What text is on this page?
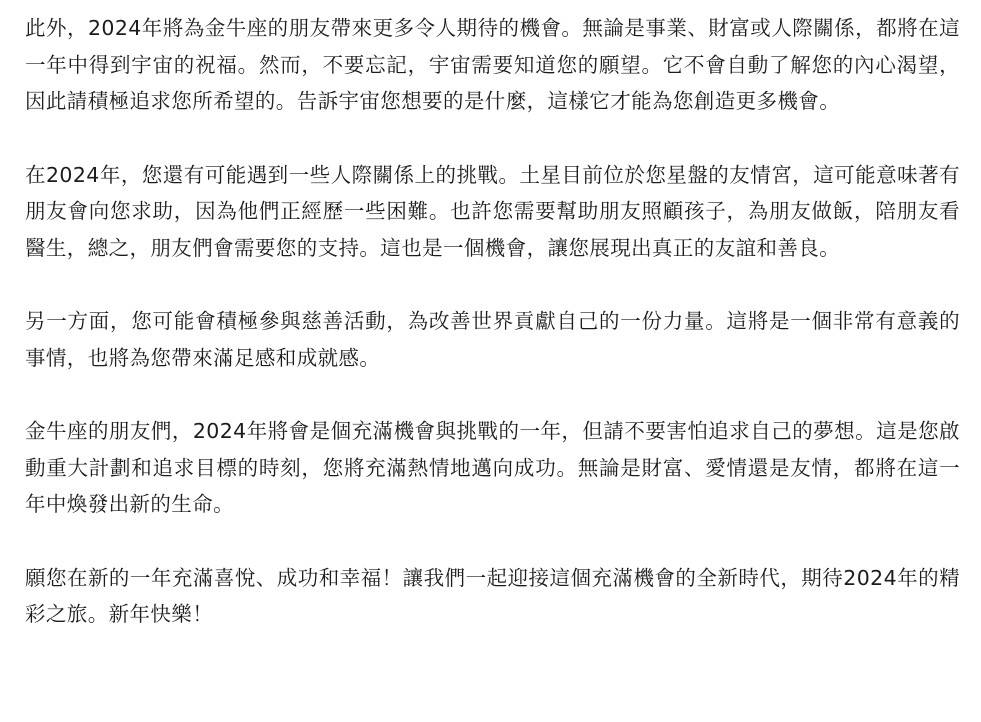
此外，2024年將為金牛座的朋友帶來更多令人期待的機會。無論是事業、財富或人際關係，都將在這一年中得到宇宙的祝福。然而，不要忘記，宇宙需要知道您的願望。它不會自動了解您的內心渴望，因此請積極追求您所希望的。告訴宇宙您想要的是什麼，這樣它才能為您創造更多機會。

在2024年，您還有可能遇到一些人際關係上的挑戰。土星目前位於您星盤的友情宮，這可能意味著有朋友會向您求助，因為他們正經歷一些困難。也許您需要幫助朋友照顧孩子，為朋友做飯，陪朋友看醫生，總之，朋友們會需要您的支持。這也是一個機會，讓您展現出真正的友誼和善良。

另一方面，您可能會積極參與慈善活動，為改善世界貢獻自己的一份力量。這將是一個非常有意義的事情，也將為您帶來滿足感和成就感。

金牛座的朋友們，2024年將會是個充滿機會與挑戰的一年，但請不要害怕追求自己的夢想。這是您啟動重大計劃和追求目標的時刻，您將充滿熱情地邁向成功。無論是財富、愛情還是友情，都將在這一年中煥發出新的生命。

願您在新的一年充滿喜悅、成功和幸福！讓我們一起迎接這個充滿機會的全新時代，期待2024年的精彩之旅。新年快樂！
